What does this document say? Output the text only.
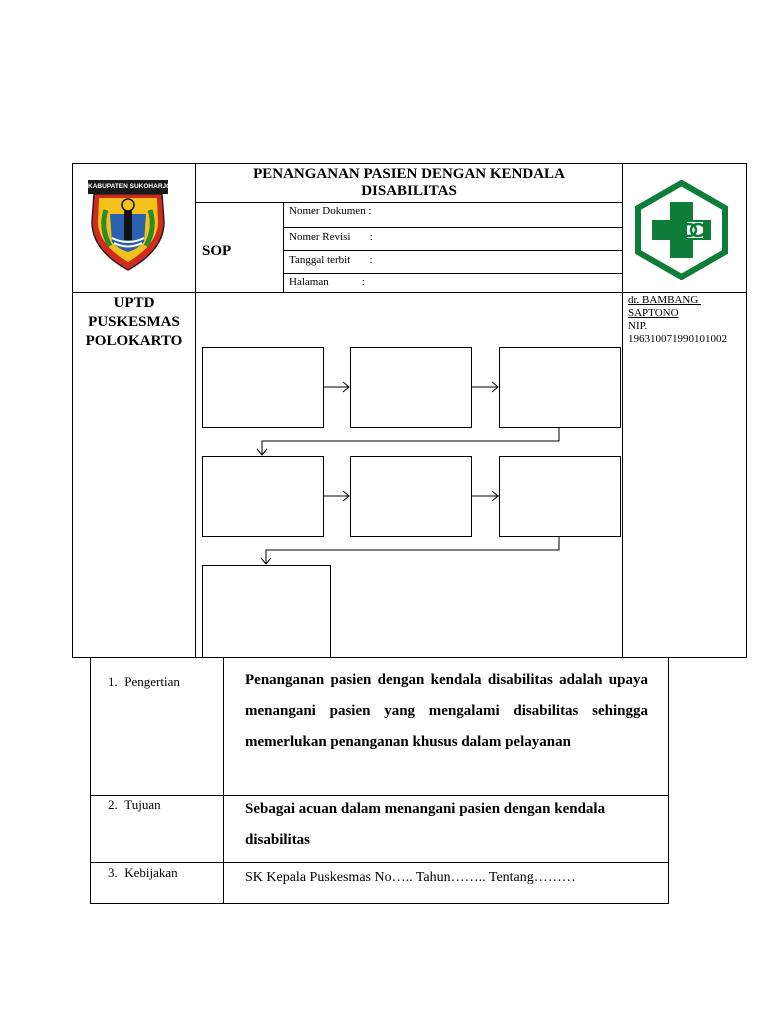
KABUPATEN SUKOHARJO
PENANGANAN PASIEN DENGAN KENDALA DISABILITAS
SOP
Nomer Dokumen :
Nomer Revisi       :
Tanggal terbit       :
Halaman            :
UPTD
PUSKESMAS
POLOKARTO
dr. BAMBANG
SAPTONO
NIP.
196310071990101002
1. Pengertian	Penanganan pasien dengan kendala disabilitas adalah upaya menangani pasien yang mengalami disabilitas sehingga memerlukan penanganan khusus dalam pelayanan
2. Tujuan	Sebagai acuan dalam menangani pasien dengan kendala disabilitas
3. Kebijakan	SK Kepala Puskesmas No….. Tahun…….. Tentang………
